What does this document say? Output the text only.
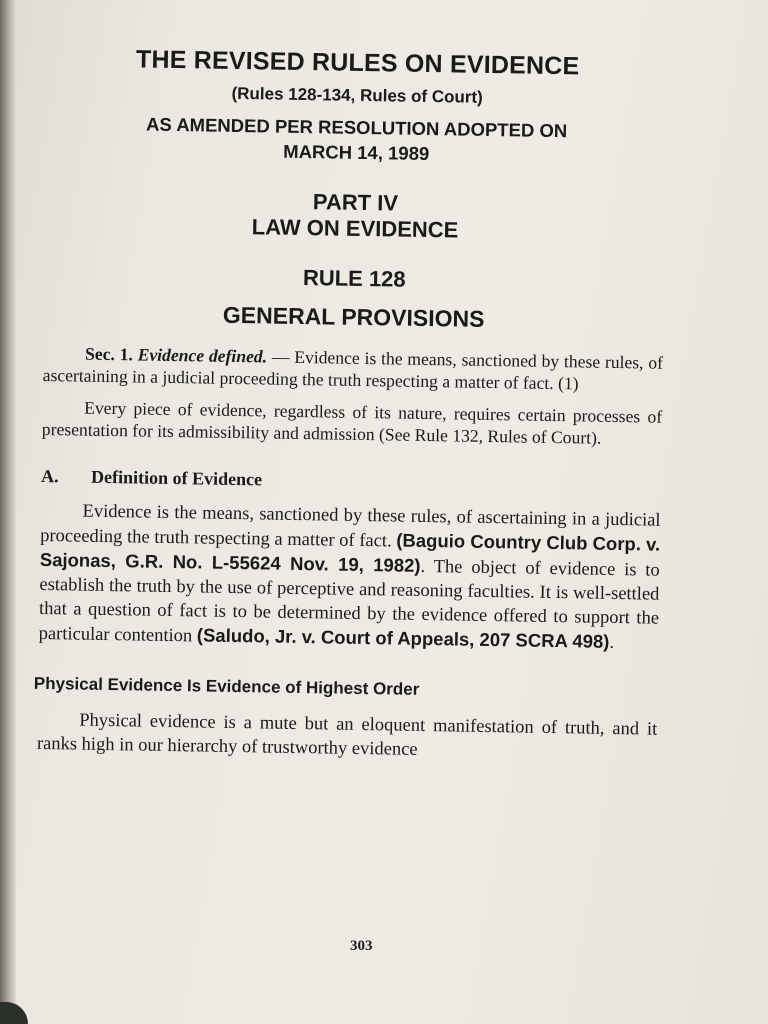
THE REVISED RULES ON EVIDENCE
(Rules 128-134, Rules of Court)
AS AMENDED PER RESOLUTION ADOPTED ON
MARCH 14, 1989
PART IV
LAW ON EVIDENCE
RULE 128
GENERAL PROVISIONS

Sec. 1. Evidence defined. — Evidence is the means, sanctioned by these rules, of ascertaining in a judicial proceeding the truth respecting a matter of fact. (1)

Every piece of evidence, regardless of its nature, requires certain processes of presentation for its admissibility and admission (See Rule 132, Rules of Court).

A.	Definition of Evidence

Evidence is the means, sanctioned by these rules, of ascertaining in a judicial proceeding the truth respecting a matter of fact. (Baguio Country Club Corp. v. Sajonas, G.R. No. L-55624 Nov. 19, 1982). The object of evidence is to establish the truth by the use of perceptive and reasoning faculties. It is well-settled that a question of fact is to be determined by the evidence offered to support the particular contention (Saludo, Jr. v. Court of Appeals, 207 SCRA 498).

Physical Evidence Is Evidence of Highest Order

Physical evidence is a mute but an eloquent manifestation of truth, and it ranks high in our hierarchy of trustworthy evidence

303
